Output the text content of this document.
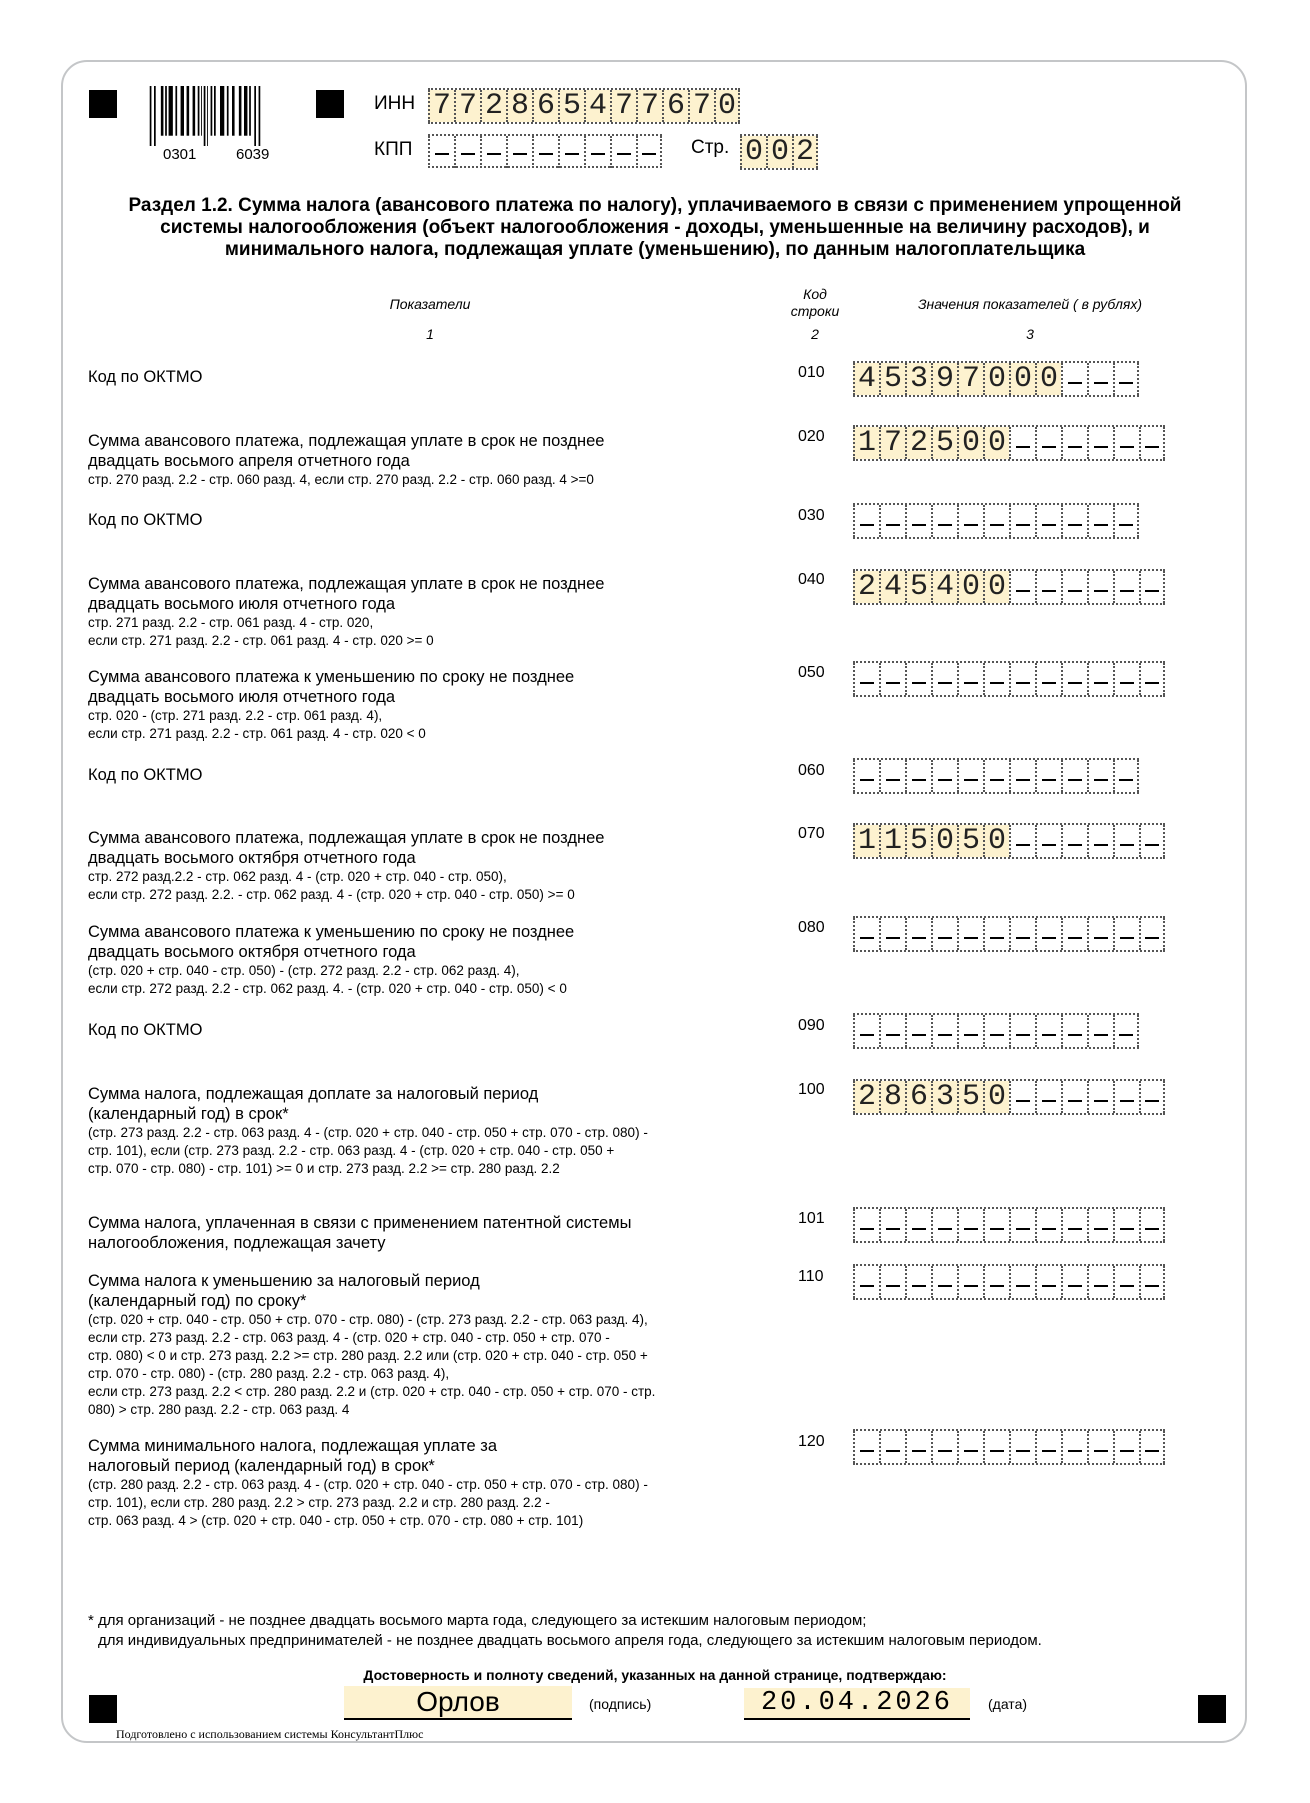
0301	6039
ИНН 7 7 2 8 6 5 4 7 7 6 7 0
КПП	Стр. 0 0 2
Раздел 1.2. Сумма налога (авансового платежа по налогу), уплачиваемого в связи с применением упрощенной
системы налогообложения (объект налогообложения - доходы, уменьшенные на величину расходов), и
минимального налога, подлежащая уплате (уменьшению), по данным налогоплательщика
Показатели
Код
строки	Значения показателей ( в рублях)
1	2	3
Код по ОКТМО	010 4 5 3 9 7 0 0 0
Сумма авансового платежа, подлежащая уплате в срок не позднее
двадцать восьмого апреля отчетного года
стр. 270 разд. 2.2 - стр. 060 разд. 4, если стр. 270 разд. 2.2 - стр. 060 разд. 4 >=0
020 1 7 2 5 0 0
Код по ОКТМО	030
Сумма авансового платежа, подлежащая уплате в срок не позднее
двадцать восьмого июля отчетного года
стр. 271 разд. 2.2 - стр. 061 разд. 4 - стр. 020,
если стр. 271 разд. 2.2 - стр. 061 разд. 4 - стр. 020 >= 0
040 2 4 5 4 0 0
Сумма авансового платежа к уменьшению по сроку не позднее
двадцать восьмого июля отчетного года
стр. 020 - (стр. 271 разд. 2.2 - стр. 061 разд. 4),
если стр. 271 разд. 2.2 - стр. 061 разд. 4 - стр. 020 < 0
050
Код по ОКТМО	060
Сумма авансового платежа, подлежащая уплате в срок не позднее
двадцать восьмого октября отчетного года
стр. 272 разд.2.2 - стр. 062 разд. 4 - (стр. 020 + стр. 040 - стр. 050),
если стр. 272 разд. 2.2. - стр. 062 разд. 4 - (стр. 020 + стр. 040 - стр. 050) >= 0
070 1 1 5 0 5 0
Сумма авансового платежа к уменьшению по сроку не позднее
двадцать восьмого октября отчетного года
(стр. 020 + стр. 040 - стр. 050) - (стр. 272 разд. 2.2 - стр. 062 разд. 4),
если стр. 272 разд. 2.2 - стр. 062 разд. 4. - (стр. 020 + стр. 040 - стр. 050) < 0
080
Код по ОКТМО	090
Сумма налога, подлежащая доплате за налоговый период
(календарный год) в срок*
(стр. 273 разд. 2.2 - стр. 063 разд. 4 - (стр. 020 + стр. 040 - стр. 050 + стр. 070 - стр. 080) -
стр. 101), если (стр. 273 разд. 2.2 - стр. 063 разд. 4 - (стр. 020 + стр. 040 - стр. 050 +
стр. 070 - стр. 080) - стр. 101) >= 0 и стр. 273 разд. 2.2 >= стр. 280 разд. 2.2
100 2 8 6 3 5 0
Сумма налога, уплаченная в связи с применением патентной системы
налогообложения, подлежащая зачету
101
Сумма налога к уменьшению за налоговый период
(календарный год) по сроку*
(стр. 020 + стр. 040 - стр. 050 + стр. 070 - стр. 080) - (стр. 273 разд. 2.2 - стр. 063 разд. 4),
если стр. 273 разд. 2.2 - стр. 063 разд. 4 - (стр. 020 + стр. 040 - стр. 050 + стр. 070 -
стр. 080) < 0 и стр. 273 разд. 2.2 >= стр. 280 разд. 2.2 или (стр. 020 + стр. 040 - стр. 050 +
стр. 070 - стр. 080) - (стр. 280 разд. 2.2 - стр. 063 разд. 4),
если стр. 273 разд. 2.2 < стр. 280 разд. 2.2 и (стр. 020 + стр. 040 - стр. 050 + стр. 070 - стр.
080) > стр. 280 разд. 2.2 - стр. 063 разд. 4
110
Сумма минимального налога, подлежащая уплате за
налоговый период (календарный год) в срок*
(стр. 280 разд. 2.2 - стр. 063 разд. 4 - (стр. 020 + стр. 040 - стр. 050 + стр. 070 - стр. 080) -
стр. 101), если стр. 280 разд. 2.2 > стр. 273 разд. 2.2 и стр. 280 разд. 2.2 -
стр. 063 разд. 4 > (стр. 020 + стр. 040 - стр. 050 + стр. 070 - стр. 080 + стр. 101)
120
* для организаций - не позднее двадцать восьмого марта года, следующего за истекшим налоговым периодом;
для индивидуальных предпринимателей - не позднее двадцать восьмого апреля года, следующего за истекшим налоговым периодом.
Достоверность и полноту сведений, указанных на данной странице, подтверждаю:
Орлов	(подпись)	20.04.2026	(дата)
Подготовлено с использованием системы КонсультантПлюс
